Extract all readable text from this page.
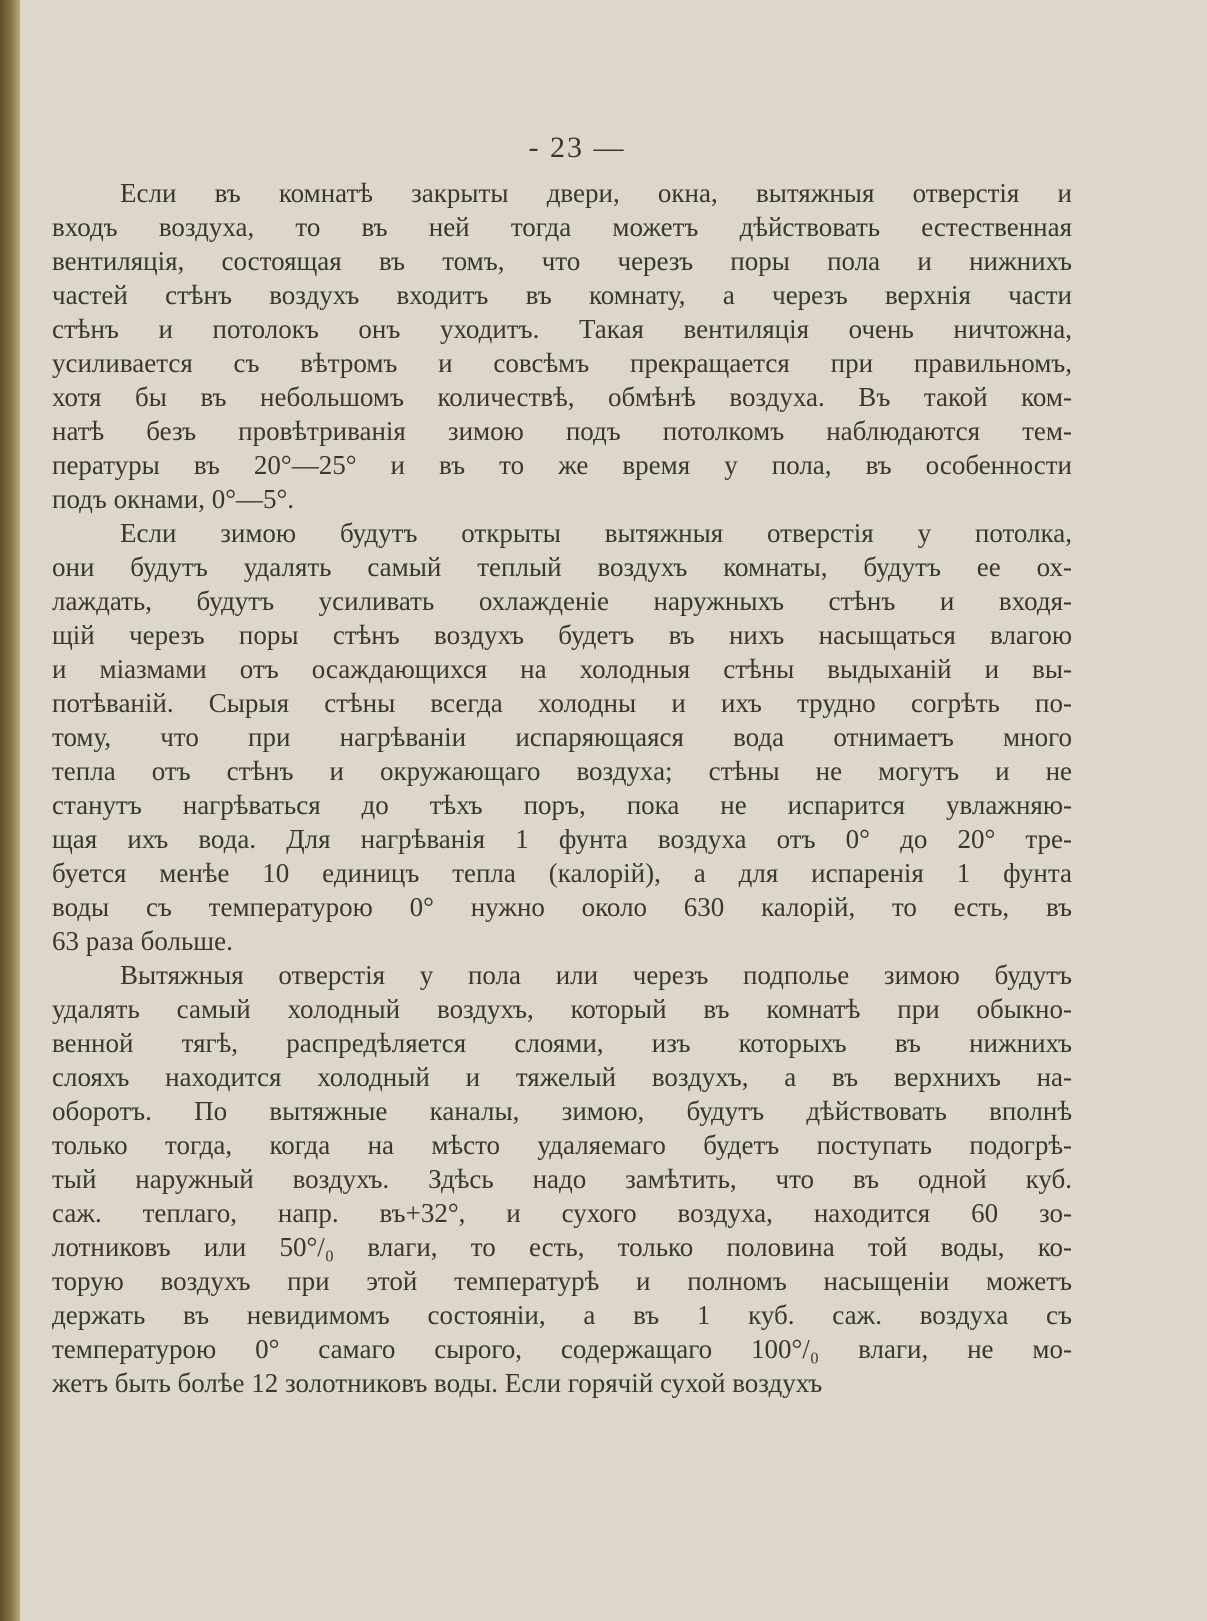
- 23 —
Если въ комнатѣ закрыты двери, окна, вытяжныя отверстія и
входъ воздуха, то въ ней тогда можетъ дѣйствовать естественная
вентиляція, состоящая въ томъ, что черезъ поры пола и нижнихъ
частей стѣнъ воздухъ входитъ въ комнату, а черезъ верхнія части
стѣнъ и потолокъ онъ уходитъ. Такая вентиляція очень ничтожна,
усиливается съ вѣтромъ и совсѣмъ прекращается при правильномъ,
хотя бы въ небольшомъ количествѣ, обмѣнѣ воздуха. Въ такой ком-
натѣ безъ провѣтриванія зимою подъ потолкомъ наблюдаются тем-
пературы въ 20°—25° и въ то же время у пола, въ особенности
подъ окнами, 0°—5°.
Если зимою будутъ открыты вытяжныя отверстія у потолка,
они будутъ удалять самый теплый воздухъ комнаты, будутъ ее ох-
лаждать, будутъ усиливать охлажденіе наружныхъ стѣнъ и входя-
щій черезъ поры стѣнъ воздухъ будетъ въ нихъ насыщаться влагою
и міазмами отъ осаждающихся на холодныя стѣны выдыханій и вы-
потѣваній. Сырыя стѣны всегда холодны и ихъ трудно согрѣть по-
тому, что при нагрѣваніи испаряющаяся вода отнимаетъ много
тепла отъ стѣнъ и окружающаго воздуха; стѣны не могутъ и не
станутъ нагрѣваться до тѣхъ поръ, пока не испарится увлажняю-
щая ихъ вода. Для нагрѣванія 1 фунта воздуха отъ 0° до 20° тре-
буется менѣе 10 единицъ тепла (калорій), а для испаренія 1 фунта
воды съ температурою 0° нужно около 630 калорій, то есть, въ
63 раза больше.
Вытяжныя отверстія у пола или черезъ подполье зимою будутъ
удалять самый холодный воздухъ, который въ комнатѣ при обыкно-
венной тягѣ, распредѣляется слоями, изъ которыхъ въ нижнихъ
слояхъ находится холодный и тяжелый воздухъ, а въ верхнихъ на-
оборотъ. По вытяжные каналы, зимою, будутъ дѣйствовать вполнѣ
только тогда, когда на мѣсто удаляемаго будетъ поступать подогрѣ-
тый наружный воздухъ. Здѣсь надо замѣтить, что въ одной куб.
саж. теплаго, напр. въ+32°, и сухого воздуха, находится 60 зо-
лотниковъ или 50°/₀ влаги, то есть, только половина той воды, ко-
торую воздухъ при этой температурѣ и полномъ насыщеніи можетъ
держать въ невидимомъ состояніи, а въ 1 куб. саж. воздуха съ
температурою 0° самаго сырого, содержащаго 100°/₀ влаги, не мо-
жетъ быть болѣе 12 золотниковъ воды. Если горячій сухой воздухъ
